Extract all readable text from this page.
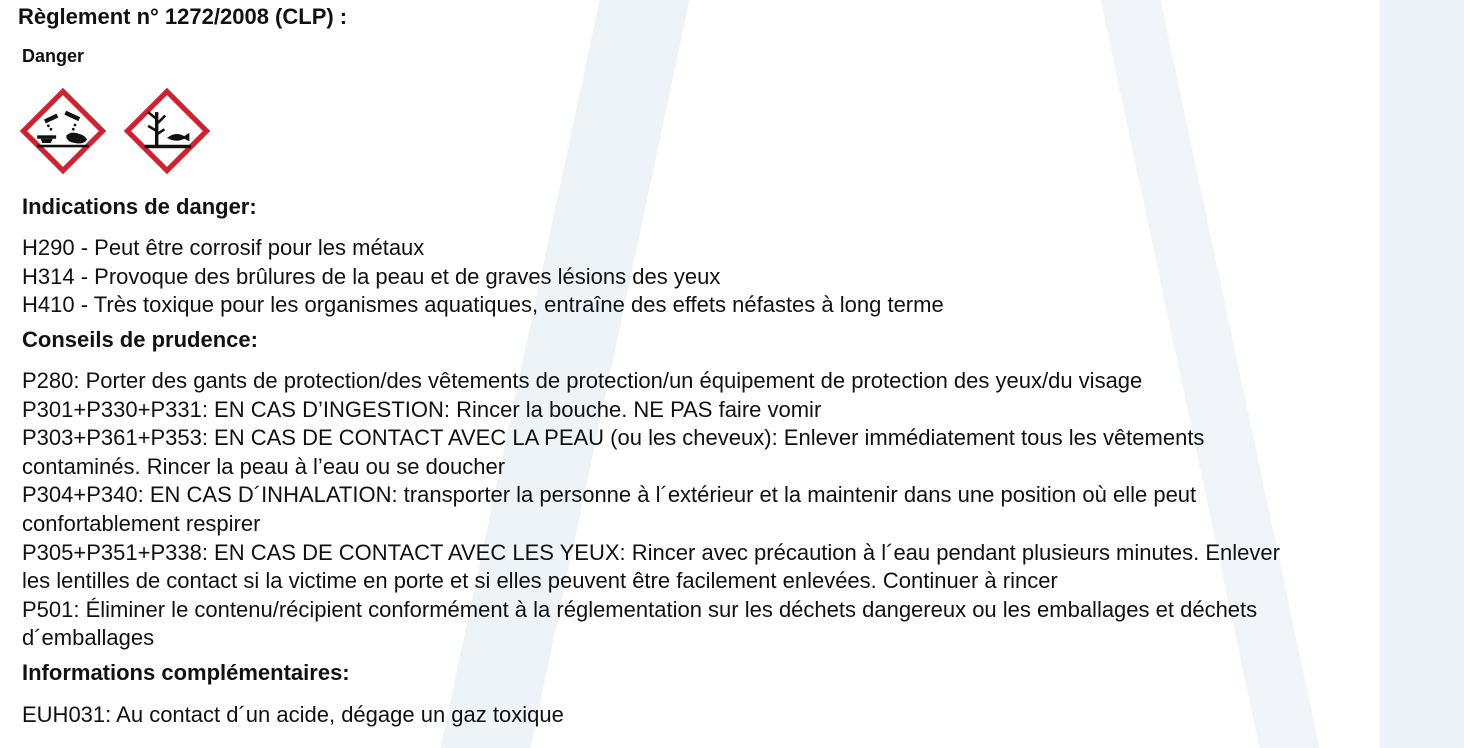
Règlement n° 1272/2008 (CLP) :
Danger
Indications de danger:
H290 - Peut être corrosif pour les métaux
H314 - Provoque des brûlures de la peau et de graves lésions des yeux
H410 - Très toxique pour les organismes aquatiques, entraîne des effets néfastes à long terme
Conseils de prudence:
P280: Porter des gants de protection/des vêtements de protection/un équipement de protection des yeux/du visage
P301+P330+P331: EN CAS D’INGESTION: Rincer la bouche. NE PAS faire vomir
P303+P361+P353: EN CAS DE CONTACT AVEC LA PEAU (ou les cheveux): Enlever immédiatement tous les vêtements
contaminés. Rincer la peau à l’eau ou se doucher
P304+P340: EN CAS D´INHALATION: transporter la personne à l´extérieur et la maintenir dans une position où elle peut
confortablement respirer
P305+P351+P338: EN CAS DE CONTACT AVEC LES YEUX: Rincer avec précaution à l´eau pendant plusieurs minutes. Enlever
les lentilles de contact si la victime en porte et si elles peuvent être facilement enlevées. Continuer à rincer
P501: Éliminer le contenu/récipient conformément à la réglementation sur les déchets dangereux ou les emballages et déchets
d´emballages
Informations complémentaires:
EUH031: Au contact d´un acide, dégage un gaz toxique
